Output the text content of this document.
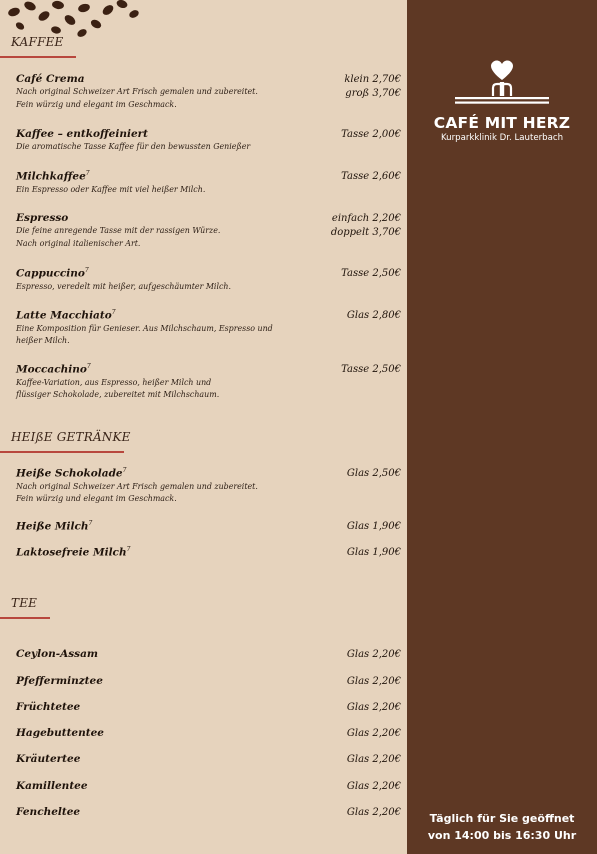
KAFFEE
Café Crema
Nach original Schweizer Art Frisch gemalen und zubereitet.
Fein würzig und elegant im Geschmack.
klein 2,70€
groß 3,70€
Kaffee – entkoffeiniert
Die aromatische Tasse Kaffee für den bewussten Genießer
Tasse 2,00€
Milchkaffee$^7$
Ein Espresso oder Kaffee mit viel heißer Milch.
Tasse 2,60€
Espresso
Die feine anregende Tasse mit der rassigen Würze.
Nach original italienischer Art.
einfach 2,20€
doppelt 3,70€
Cappuccino$^7$
Espresso, veredelt mit heißer, aufgeschäumter Milch.
Tasse 2,50€
Latte Macchiato$^7$
Eine Komposition für Genieser. Aus Milchschaum, Espresso und
heißer Milch.
Glas 2,80€
Moccachino$^7$
Kaffee-Variation, aus Espresso, heißer Milch und
flüssiger Schokolade, zubereitet mit Milchschaum.
Tasse 2,50€
HEIßE GETRÄNKE
Heiße Schokolade$^7$
Nach original Schweizer Art Frisch gemalen und zubereitet.
Fein würzig und elegant im Geschmack.
Glas 2,50€
Heiße Milch$^7$	Glas 1,90€
Laktosefreie Milch$^7$	Glas 1,90€
TEE
Ceylon-Assam	Glas 2,20€
Pfefferminztee	Glas 2,20€
Früchtetee	Glas 2,20€
Hagebuttentee	Glas 2,20€
Kräutertee	Glas 2,20€
Kamillentee	Glas 2,20€
Fencheltee	Glas 2,20€
CAFÉ MIT HERZ
Kurparkklinik Dr. Lauterbach
Täglich für Sie geöffnet
von 14:00 bis 16:30 Uhr
